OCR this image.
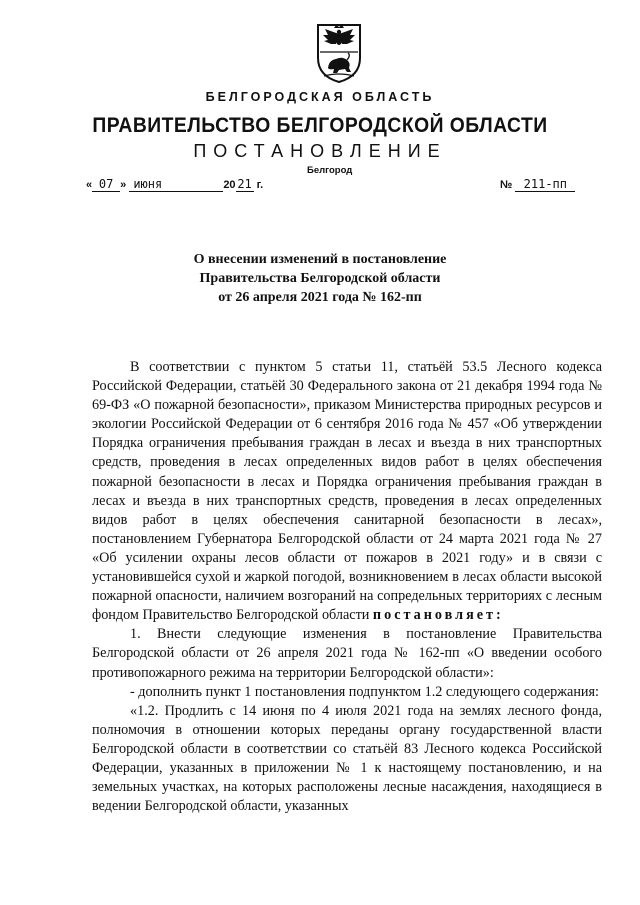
БЕЛГОРОДСКАЯ ОБЛАСТЬ
ПРАВИТЕЛЬСТВО БЕЛГОРОДСКОЙ ОБЛАСТИ
ПОСТАНОВЛЕНИЕ
Белгород
« 07 » июня	20 21 г.	№ 211-пп
О внесении изменений в постановление
Правительства Белгородской области
от 26 апреля 2021 года № 162-пп

В соответствии с пунктом 5 статьи 11, статьёй 53.5 Лесного кодекса Российской Федерации, статьёй 30 Федерального закона от 21 декабря 1994 года № 69-ФЗ «О пожарной безопасности», приказом Министерства природных ресурсов и экологии Российской Федерации от 6 сентября 2016 года № 457 «Об утверждении Порядка ограничения пребывания граждан в лесах и въезда в них транспортных средств, проведения в лесах определенных видов работ в целях обеспечения пожарной безопасности в лесах и Порядка ограничения пребывания граждан в лесах и въезда в них транспортных средств, проведения в лесах определенных видов работ в целях обеспечения санитарной безопасности в лесах», постановлением Губернатора Белгородской области от 24 марта 2021 года № 27 «Об усилении охраны лесов области от пожаров в 2021 году» и в связи с установившейся сухой и жаркой погодой, возникновением в лесах области высокой пожарной опасности, наличием возгораний на сопредельных территориях с лесным фондом Правительство Белгородской области постановляет:

1. Внести следующие изменения в постановление Правительства Белгородской области от 26 апреля 2021 года № 162-пп «О введении особого противопожарного режима на территории Белгородской области»:

- дополнить пункт 1 постановления подпунктом 1.2 следующего содержания:

«1.2. Продлить с 14 июня по 4 июля 2021 года на землях лесного фонда, полномочия в отношении которых переданы органу государственной власти Белгородской области в соответствии со статьёй 83 Лесного кодекса Российской Федерации, указанных в приложении № 1 к настоящему постановлению, и на земельных участках, на которых расположены лесные насаждения, находящиеся в ведении Белгородской области, указанных
